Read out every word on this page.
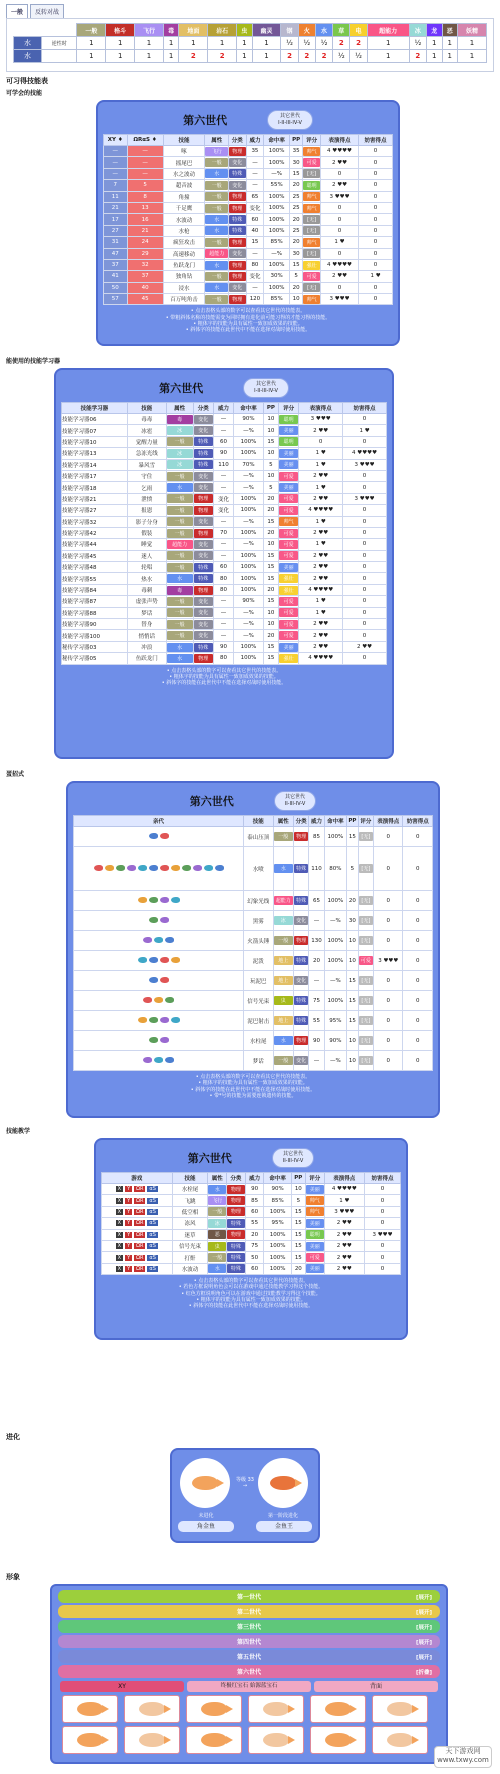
一般	反转对战
		一般	格斗	飞行	毒	地面	岩石	虫	幽灵	钢	火	水	草	电	超能力	冰	龙	恶	妖精
水	逆性时	1	1	1	1	1	1	1	1	½	½	½	2	2	1	½	1	1	1
水		1	1	1	1	2	2	1	1	2	2	2	½	½	1	2	1	1	1
可习得技能表
可学会的技能
第六世代	其它世代
I-II-III-IV-V
XY ♦	ΩRαS ♦	技能	属性	分类	威力	命中率	PP	评分	表演得点	妨害得点
—	—	啄	飞行	物理	35	100%	35	帅气	4 ♥♥♥♥	0
—	—	摇尾巴	一般	变化	—	100%	30	可爱	2 ♥♥	0
—	—	水之波动	水	特殊	—	—%	15	[无]	0	0
7	5	超音波	一般	变化	—	55%	20	聪明	2 ♥♥	0
11	8	角撞	一般	物理	65	100%	25	帅气	3 ♥♥♥	0
21	13	千足鹰	一般	物理	变化	100%	25	帅气	0	0
17	16	水波动	水	特殊	60	100%	20	[无]	0	0
27	21	水枪	水	特殊	40	100%	25	[无]	0	0
31	24	疯狂攻击	一般	物理	15	85%	20	帅气	1 ♥	0
47	29	高速移动	超能力	变化	—	—%	30	[无]	0	0
37	32	鱼跃龙门	水	物理	80	100%	15	强壮	4 ♥♥♥♥	0
41	37	独角钻	一般	物理	变化	30%	5	可爱	2 ♥♥	1 ♥
50	40	浸水	水	变化	—	100%	20	[无]	0	0
57	45	百万吨角击	一般	物理	120	85%	10	帅气	3 ♥♥♥	0
• 点击表格头部的数字可以查看其它世代的技能表。
• 带粗斜体名称的技能需变为同时拥有进化前可能习得的才能习得的技能。
• 粗体字的技能为具有属性一致加成效果的技能。
• 斜体字的技能在此世代中不能在选择对战时使用技能。
能使用的技能学习器
第六世代	其它世代
I-II-III-IV-V
技能学习器	技能	属性	分类	威力	命中率	PP	评分	表演得点	妨害得点
技能学习器06	毒毒	毒	变化	—	90%	10	聪明	3 ♥♥♥	0
技能学习器07	冰雹	冰	变化	—	—%	10	美丽	2 ♥♥	1 ♥
技能学习器10	觉醒力量	一般	特殊	60	100%	15	聪明	0	0
技能学习器13	急冻光线	冰	特殊	90	100%	10	美丽	1 ♥	4 ♥♥♥♥
技能学习器14	暴风雪	冰	特殊	110	70%	5	美丽	1 ♥	3 ♥♥♥
技能学习器17	守住	一般	变化	—	—%	10	可爱	2 ♥♥	0
技能学习器18	乞雨	水	变化	—	—%	5	美丽	1 ♥	0
技能学习器21	泄愤	一般	物理	变化	100%	20	可爱	2 ♥♥	3 ♥♥♥
技能学习器27	报恩	一般	物理	变化	100%	20	可爱	4 ♥♥♥♥	0
技能学习器32	影子分身	一般	变化	—	—%	15	帅气	1 ♥	0
技能学习器42	假装	一般	物理	70	100%	20	可爱	2 ♥♥	0
技能学习器44	睡觉	超能力	变化	—	—%	10	可爱	1 ♥	0
技能学习器45	迷人	一般	变化	—	100%	15	可爱	2 ♥♥	0
技能学习器48	轮唱	一般	特殊	60	100%	15	美丽	2 ♥♥	0
技能学习器55	热水	水	特殊	80	100%	15	强壮	2 ♥♥	0
技能学习器84	毒刺	毒	物理	80	100%	20	强壮	4 ♥♥♥♥	0
技能学习器87	虚张声势	一般	变化	—	90%	15	可爱	1 ♥	0
技能学习器88	梦话	一般	变化	—	—%	10	可爱	1 ♥	0
技能学习器90	替身	一般	变化	—	—%	10	可爱	2 ♥♥	0
技能学习器100	悄悄话	一般	变化	—	—%	20	可爱	2 ♥♥	0
秘传学习器03	冲浪	水	特殊	90	100%	15	美丽	2 ♥♥	2 ♥♥
秘传学习器05	鱼跃龙门	水	物理	80	100%	15	强壮	4 ♥♥♥♥	0
• 点击表格头部的数字可以查看其它世代的技能表。
• 粗体字的技能为具有属性一致加成效果的技能。
• 斜体字的技能在此世代中不能在选择对战时使用技能。
蛋招式
第六世代	其它世代
II-III-IV-V
亲代	技能	属性	分类	威力	命中率	PP	评分	表演得点	妨害得点
	泰山压顶	一般	物理	85	100%	15	[无]	0	0
	水喷	水	特殊	110	80%	5	[无]	0	0
	幻象光线	超能力	特殊	65	100%	20	[无]	0	0
	黑雾	冰	变化	—	—%	30	[无]	0	0
	火箭头锤	一般	物理	130	100%	10	[无]	0	0
	泥泼	地上	特殊	20	100%	10	可爱	3 ♥♥♥	0
	玩泥巴	地上	变化	—	—%	15	[无]	0	0
	信号光束	虫	特殊	75	100%	15	[无]	0	0
	泥巴射击	地上	特殊	55	95%	15	[无]	0	0
	水柱尾	水	物理	90	90%	10	[无]	0	0
	梦话	一般	变化	—	—%	10	[无]	0	0
• 点击表格头部的数字可以查看其它世代的技能表。
• 粗体字的技能为具有属性一致加成效果的技能。
• 斜体字的技能在此世代中不能在选择对战时使用技能。
• 带*号的技能为需要连锁遗传的技能。
技能教学
第六世代	其它世代
II-III-IV-V
游戏	技能	属性	分类	威力	命中率	PP	评分	表演得点	妨害得点
X Y ΩR αS	水栓尾	水	物理	90	90%	10	美丽	4 ♥♥♥♥	0
X Y ΩR αS	飞跳	飞行	物理	85	85%	5	帅气	1 ♥	0
X Y ΩR αS	低空相	一般	物理	60	100%	15	帅气	3 ♥♥♥	0
X Y ΩR αS	冻风	冰	特殊	55	95%	15	美丽	2 ♥♥	0
X Y ΩR αS	迷草	恶	物理	20	100%	15	聪明	2 ♥♥	3 ♥♥♥
X Y ΩR αS	信号光束	虫	特殊	75	100%	15	美丽	2 ♥♥	0
X Y ΩR αS	打鼾	一般	特殊	50	100%	15	可爱	2 ♥♥	0
X Y ΩR αS	水波动	水	特殊	60	100%	20	美丽	2 ♥♥	0
• 点击表格头部的数字可以查看其它世代的技能表。
• 若色方框说明角色会可以在游戏中通过技能教学习得这个技能。
• 红色方框说明角色可以在游戏中通过技能教学习得这个技能。
• 粗体字的技能为具有属性一致加成效果的技能。
• 斜体字的技能在此世代中不能在选择对战时使用技能。
进化
等级 33
→
未进化
角金鱼
第一阶段进化
金鱼王
形象
第一世代	[展开]
第二世代	[展开]
第三世代	[展开]
第四世代	[展开]
第五世代	[展开]
第六世代	[折叠]
XY	终极红宝石 始源蓝宝石	背面
天下游戏网
www.txwy.com
